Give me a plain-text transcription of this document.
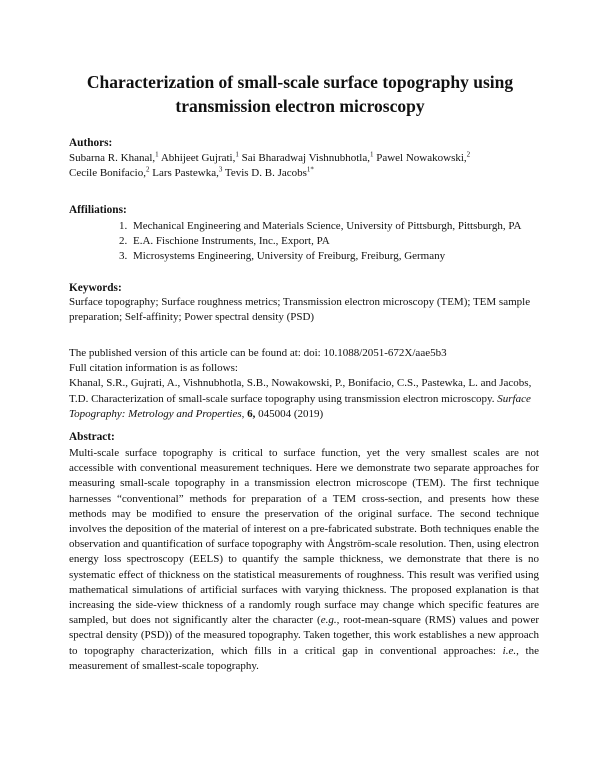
Characterization of small-scale surface topography using transmission electron microscopy
Authors:
Subarna R. Khanal,$^1$ Abhijeet Gujrati,$^1$ Sai Bharadwaj Vishnubhotla,$^1$ Pawel Nowakowski,$^2$
Cecile Bonifacio,$^2$ Lars Pastewka,$^3$ Tevis D. B. Jacobs$^{1*}$
Affiliations:
1. Mechanical Engineering and Materials Science, University of Pittsburgh, Pittsburgh, PA
2. E.A. Fischione Instruments, Inc., Export, PA
3. Microsystems Engineering, University of Freiburg, Freiburg, Germany
Keywords:
Surface topography; Surface roughness metrics; Transmission electron microscopy (TEM); TEM sample preparation; Self-affinity; Power spectral density (PSD)
The published version of this article can be found at: doi: 10.1088/2051-672X/aae5b3
Full citation information is as follows:
Khanal, S.R., Gujrati, A., Vishnubhotla, S.B., Nowakowski, P., Bonifacio, C.S., Pastewka, L. and Jacobs, T.D. Characterization of small-scale surface topography using transmission electron microscopy. Surface Topography: Metrology and Properties, 6, 045004 (2019)
Abstract:

Multi-scale surface topography is critical to surface function, yet the very smallest scales are not accessible with conventional measurement techniques. Here we demonstrate two separate approaches for measuring small-scale topography in a transmission electron microscope (TEM). The first technique harnesses “conventional” methods for preparation of a TEM cross-section, and presents how these methods may be modified to ensure the preservation of the original surface. The second technique involves the deposition of the material of interest on a pre-fabricated substrate. Both techniques enable the observation and quantification of surface topography with Ångström-scale resolution. Then, using electron energy loss spectroscopy (EELS) to quantify the sample thickness, we demonstrate that there is no systematic effect of thickness on the statistical measurements of roughness. This result was verified using mathematical simulations of artificial surfaces with varying thickness. The proposed explanation is that increasing the side-view thickness of a randomly rough surface may change which specific features are sampled, but does not significantly alter the character (e.g., root-mean-square (RMS) values and power spectral density (PSD)) of the measured topography. Taken together, this work establishes a new approach to topography characterization, which fills in a critical gap in conventional approaches: i.e., the measurement of smallest-scale topography.
